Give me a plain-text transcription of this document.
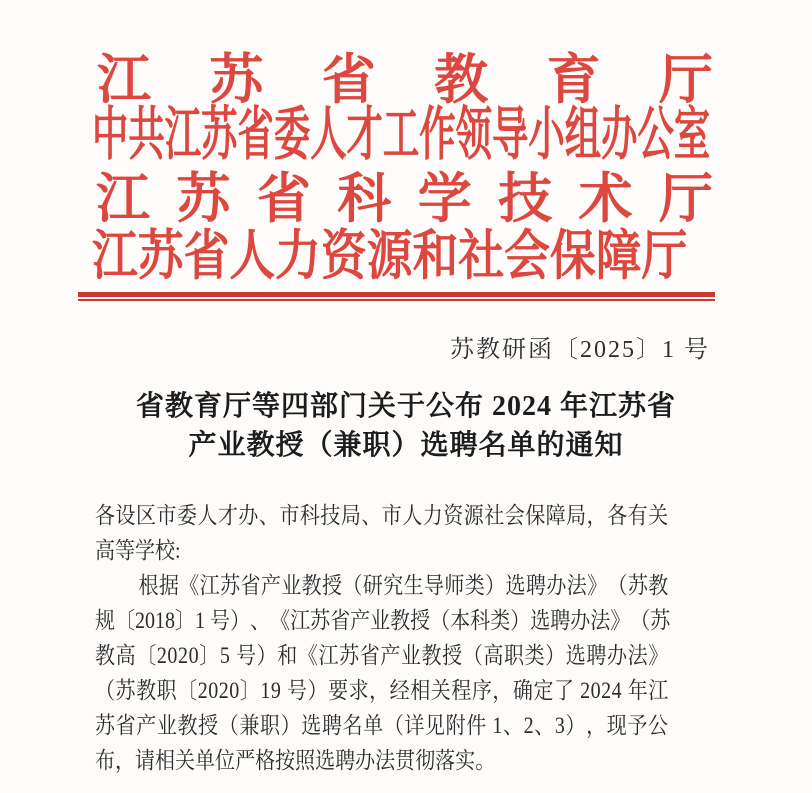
江 苏 省 教 育 厅
中共江苏省委人才工作领导小组办公室
江 苏 省 科 学 技 术 厅
江苏省人力资源和社会保障厅
苏教研函〔2025〕1 号
省教育厅等四部门关于公布 2024 年江苏省
产业教授（兼职）选聘名单的通知
各 设 区 市 委 人 才 办 、 市 科 技 局 、 市 人 力 资 源 社 会 保 障 局 ， 各 有 关
高等学校:
根 据 《 江 苏 省 产 业 教 授 （ 研 究 生 导 师 类 ） 选 聘 办 法 》 （ 苏 教
规 〔 2 0 1 8 〕 1
号 ） 、 《 江 苏 省 产 业 教 授 （ 本 科 类 ） 选 聘 办 法 》 （ 苏
教 高 〔 2 0 2 0 〕 5
号 ） 和 《 江 苏 省 产 业 教 授 （ 高 职 类 ） 选 聘 办 法 》
（ 苏 教 职 〔 2 0 2 0 〕 1 9
号 ） 要 求 ， 经 相 关 程 序 ， 确 定 了
2 0 2 4
年 江
苏 省 产 业 教 授 （ 兼 职 ） 选 聘 名 单 （ 详 见 附 件
1 、 2 、 3 ） ， 现 予 公
布，请相关单位严格按照选聘办法贯彻落实。
